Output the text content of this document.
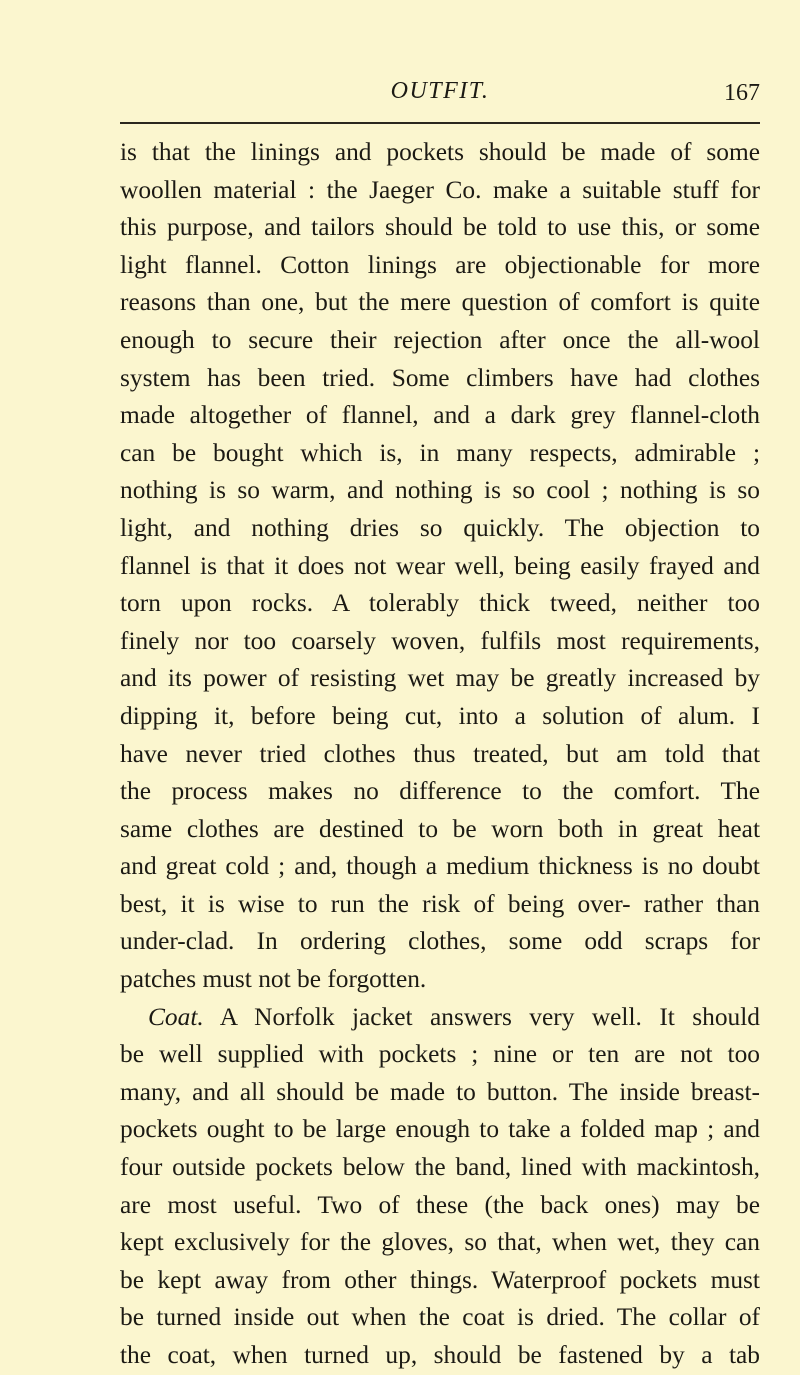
OUTFIT.	167
is that the linings and pockets should be made of some
woollen material : the Jaeger Co. make a suitable stuff for
this purpose, and tailors should be told to use this, or some
light flannel. Cotton linings are objectionable for more
reasons than one, but the mere question of comfort is quite
enough to secure their rejection after once the all-wool
system has been tried. Some climbers have had clothes
made altogether of flannel, and a dark grey flannel-cloth
can be bought which is, in many respects, admirable ;
nothing is so warm, and nothing is so cool ; nothing is so
light, and nothing dries so quickly. The objection to
flannel is that it does not wear well, being easily frayed and
torn upon rocks. A tolerably thick tweed, neither too
finely nor too coarsely woven, fulfils most requirements,
and its power of resisting wet may be greatly increased by
dipping it, before being cut, into a solution of alum. I
have never tried clothes thus treated, but am told that
the process makes no difference to the comfort. The
same clothes are destined to be worn both in great heat
and great cold ; and, though a medium thickness is no doubt
best, it is wise to run the risk of being over- rather than
under-clad. In ordering clothes, some odd scraps for
patches must not be forgotten.
Coat. A Norfolk jacket answers very well. It should
be well supplied with pockets ; nine or ten are not too
many, and all should be made to button. The inside breast-
pockets ought to be large enough to take a folded map ; and
four outside pockets below the band, lined with mackintosh,
are most useful. Two of these (the back ones) may be
kept exclusively for the gloves, so that, when wet, they can
be kept away from other things. Waterproof pockets must
be turned inside out when the coat is dried. The collar of
the coat, when turned up, should be fastened by a tab
